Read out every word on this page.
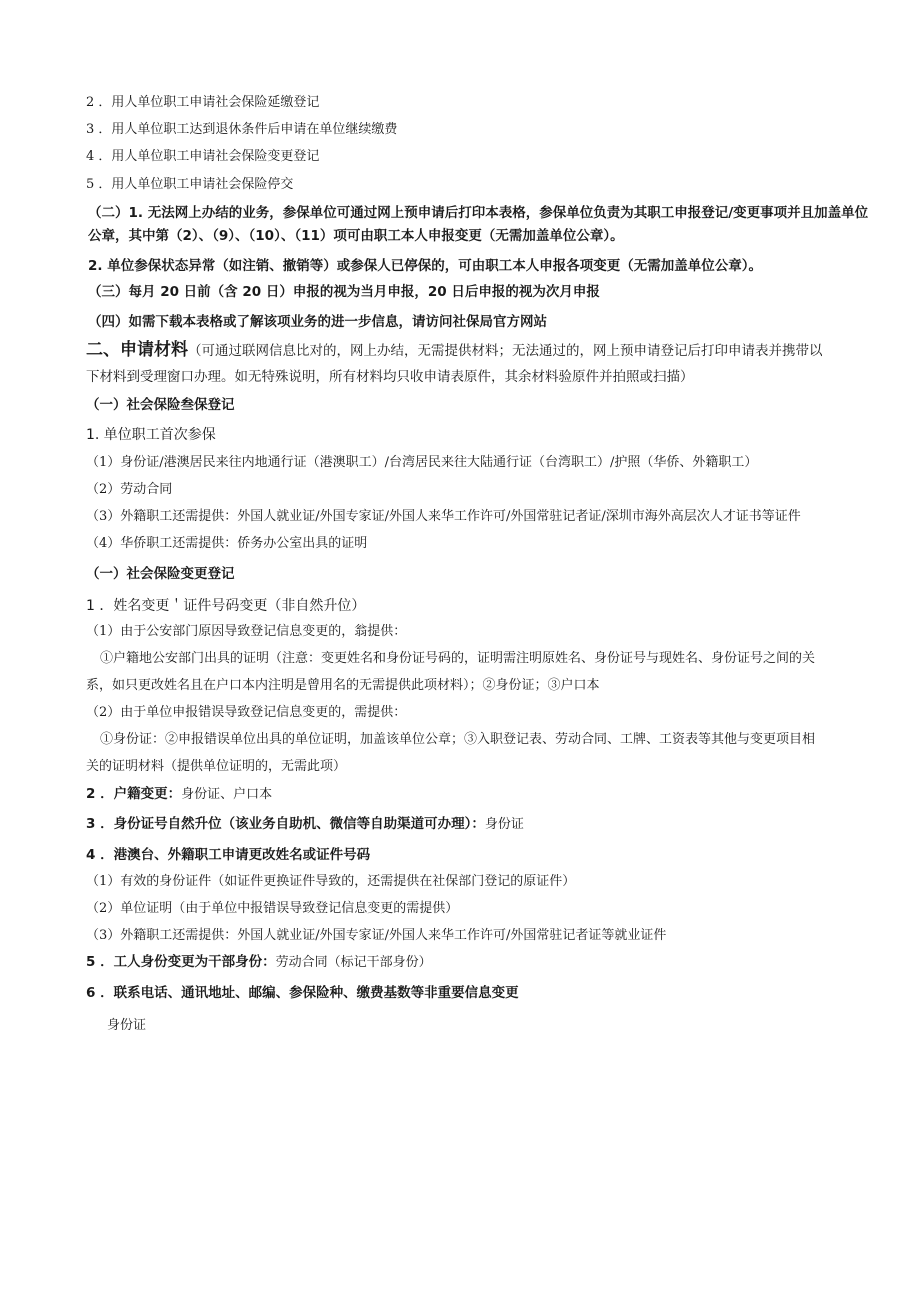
2 ．用人单位职工申请社会保险延缴登记
3 ．用人单位职工达到退休条件后申请在单位继续缴费
4 ．用人单位职工申请社会保险变更登记
5 ．用人单位职工申请社会保险停交
（二）1. 无法网上办结的业务，参保单位可通过网上预申请后打印本表格，参保单位负责为其职工申报登记/变更事项并且加盖单位公章，其中第（2）、（9）、（10）、（11）项可由职工本人申报变更（无需加盖单位公章）。
2. 单位参保状态异常（如注销、撤销等）或参保人已停保的，可由职工本人申报各项变更（无需加盖单位公章）。
（三）每月 20 日前（含 20 日）申报的视为当月申报，20 日后申报的视为次月申报
（四）如需下载本表格或了解该项业务的进一步信息，请访问社保局官方网站
二、申请材料（可通过联网信息比对的，网上办结，无需提供材料；无法通过的，网上预申请登记后打印申请表并携带以
下材料到受理窗口办理。如无特殊说明，所有材料均只收申请表原件，其余材料验原件并拍照或扫描）
（一）社会保险叁保登记
1. 单位职工首次参保
（1）身份证/港澳居民来往内地通行证（港澳职工）/台湾居民来往大陆通行证（台湾职工）/护照（华侨、外籍职工）
（2）劳动合同
（3）外籍职工还需提供：外国人就业证/外国专家证/外国人来华工作许可/外国常驻记者证/深圳市海外高层次人才证书等证件
（4）华侨职工还需提供：侨务办公室出具的证明
（一）社会保险变更登记
1 ．姓名变更＇证件号码变更（非自然升位）
（1）由于公安部门原因导致登记信息变更的，翁提供：
①户籍地公安部门出具的证明（注意：变更姓名和身份证号码的，证明需注明原姓名、身份证号与现姓名、身份证号之间的关
系，如只更改姓名且在户口本内注明是曾用名的无需提供此项材料）；②身份证；③户口本
（2）由于单位申报错误导致登记信息变更的，需提供：
①身份证：②申报错误单位出具的单位证明，加盖该单位公章；③入职登记表、劳动合同、工牌、工资表等其他与变更项目相
关的证明材料（提供单位证明的，无需此项）
2 ．户籍变更：身份证、户口本
3 ．身份证号自然升位（该业务自助机、微信等自助渠道可办理）：身份证
4 ．港澳台、外籍职工申请更改姓名或证件号码
（1）有效的身份证件（如证件更换证件导致的，还需提供在社保部门登记的原证件）
（2）单位证明（由于单位中报错误导致登记信息变更的需提供）
（3）外籍职工还需提供：外国人就业证/外国专家证/外国人来华工作许可/外国常驻记者证等就业证件
5 ．工人身份变更为干部身份：劳动合同（标记干部身份）
6 ．联系电话、通讯地址、邮编、参保险种、缴费基数等非重要信息变更
身份证
